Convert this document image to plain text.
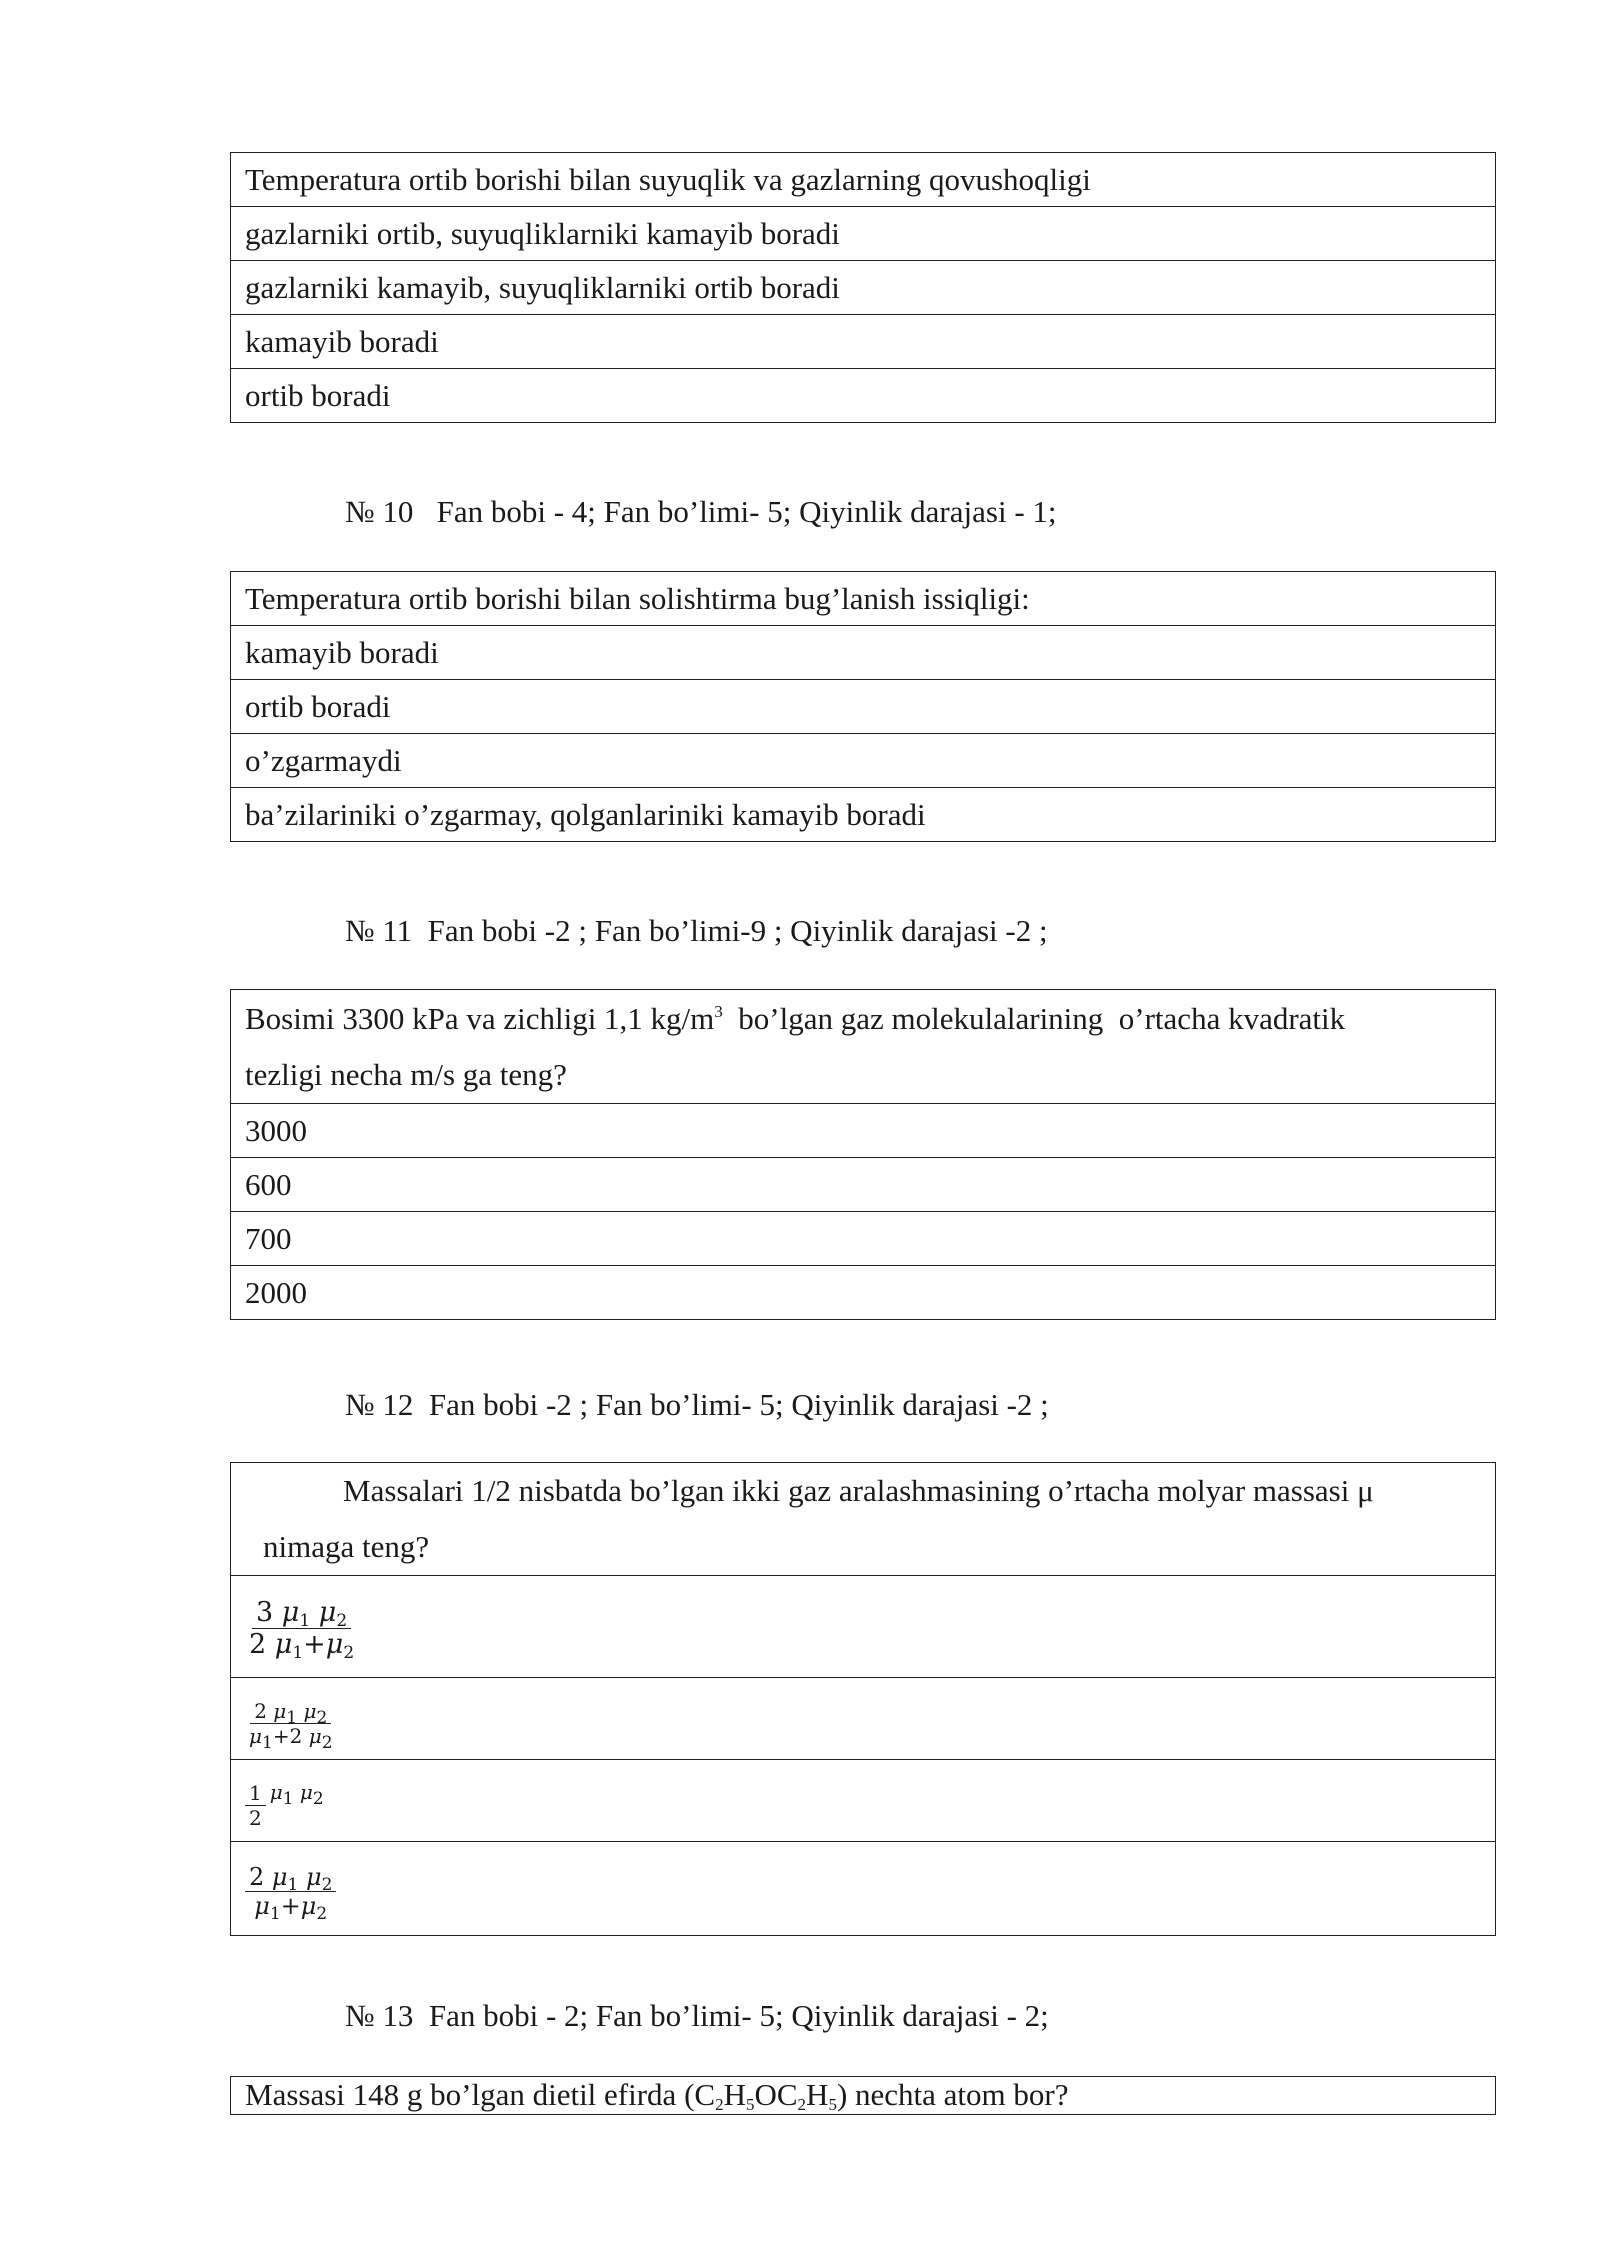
Temperatura ortib borishi bilan suyuqlik va gazlarning qovushoqligi
gazlarniki ortib, suyuqliklarniki kamayib boradi
gazlarniki kamayib, suyuqliklarniki ortib boradi
kamayib boradi
ortib boradi

№ 10   Fan bobi - 4; Fan bo’limi- 5; Qiyinlik darajasi - 1;

Temperatura ortib borishi bilan solishtirma bug’lanish issiqligi:
kamayib boradi
ortib boradi
o’zgarmaydi
ba’zilariniki o’zgarmay, qolganlariniki kamayib boradi

№ 11  Fan bobi -2 ; Fan bo’limi-9 ; Qiyinlik darajasi -2 ;

Bosimi 3300 kPa va zichligi 1,1 $kg/m^3$  bo’lgan gaz molekulalarining  o’rtacha kvadratik
tezligi necha m/s ga teng?
3000
600
700
2000

№ 12  Fan bobi -2 ; Fan bo’limi- 5; Qiyinlik darajasi -2 ;

Massalari 1/2 nisbatda bo’lgan ikki gaz aralashmasining o’rtacha molyar massasi μ
nimaga teng?

$\frac{3 \mu_1 \mu_2}{2 \mu_1+\mu_2}$

$\frac{2 \mu_1 \mu_2}{\mu_1+2 \mu_2}$

$\frac{1}{2} \mu_1$ $\mu_2$

$\frac{2 \mu_1 \mu_2}{\mu_1+\mu_2}$

№ 13  Fan bobi - 2; Fan bo’limi- 5; Qiyinlik darajasi - 2;

Massasi 148 g bo’lgan dietil efirda $(C_2H_5OC_2H_5)$ nechta atom bor?
